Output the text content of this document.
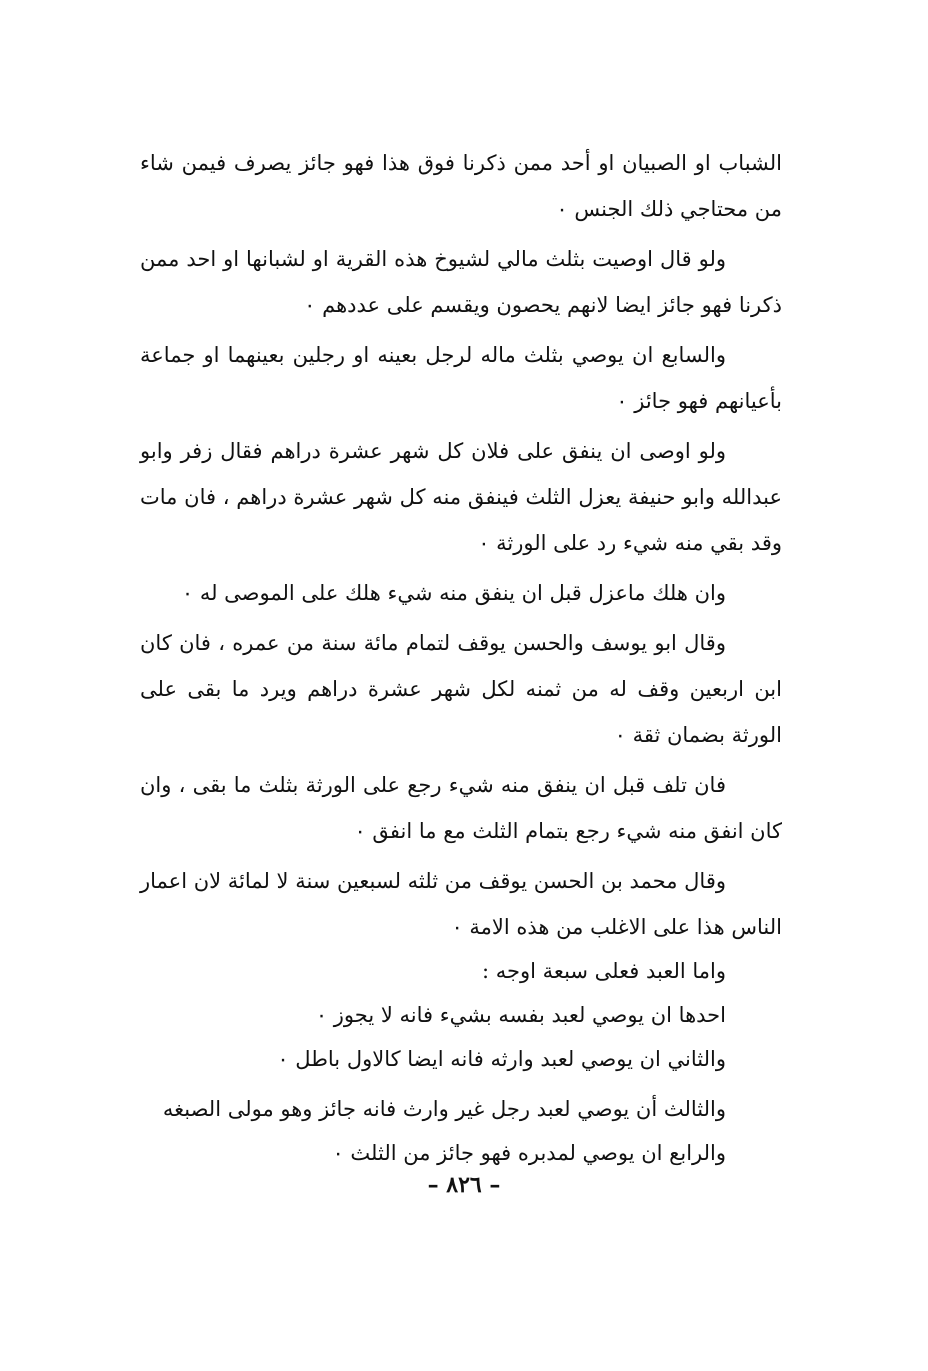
الشباب او الصبيان او أحد ممن ذكرنا فوق هذا فهو جائز يصرف فيمن شاء من محتاجي ذلك الجنس ٠

ولو قال اوصيت بثلث مالي لشيوخ هذه القرية او لشبانها او احد ممن ذكرنا فهو جائز ايضا لانهم يحصون ويقسم على عددهم ٠

والسابع ان يوصي بثلث ماله لرجل بعينه او رجلين بعينهما او جماعة بأعيانهم فهو جائز ٠

ولو اوصى ان ينفق على فلان كل شهر عشرة دراهم فقال زفر وابو عبدالله وابو حنيفة يعزل الثلث فينفق منه كل شهر عشرة دراهم ، فان مات وقد بقي منه شيء رد على الورثة ٠

وان هلك ماعزل قبل ان ينفق منه شيء هلك على الموصى له ٠

وقال ابو يوسف والحسن يوقف لتمام مائة سنة من عمره ، فان كان ابن اربعين وقف له من ثمنه لكل شهر عشرة دراهم ويرد ما بقى على الورثة بضمان ثقة ٠

فان تلف قبل ان ينفق منه شيء رجع على الورثة بثلث ما بقى ، وان كان انفق منه شيء رجع بتمام الثلث مع ما انفق ٠

وقال محمد بن الحسن يوقف من ثلثه لسبعين سنة لا لمائة لان اعمار الناس هذا على الاغلب من هذه الامة ٠

واما العبد فعلى سبعة اوجه :

احدها ان يوصي لعبد بفسه بشيء فانه لا يجوز ٠

والثاني ان يوصي لعبد وارثه فانه ايضا كالاول باطل ٠

والثالث أن يوصي لعبد رجل غير وارث فانه جائز وهو مولى الصبغه

والرابع ان يوصي لمدبره فهو جائز من الثلث ٠

– ٨٢٦ –
